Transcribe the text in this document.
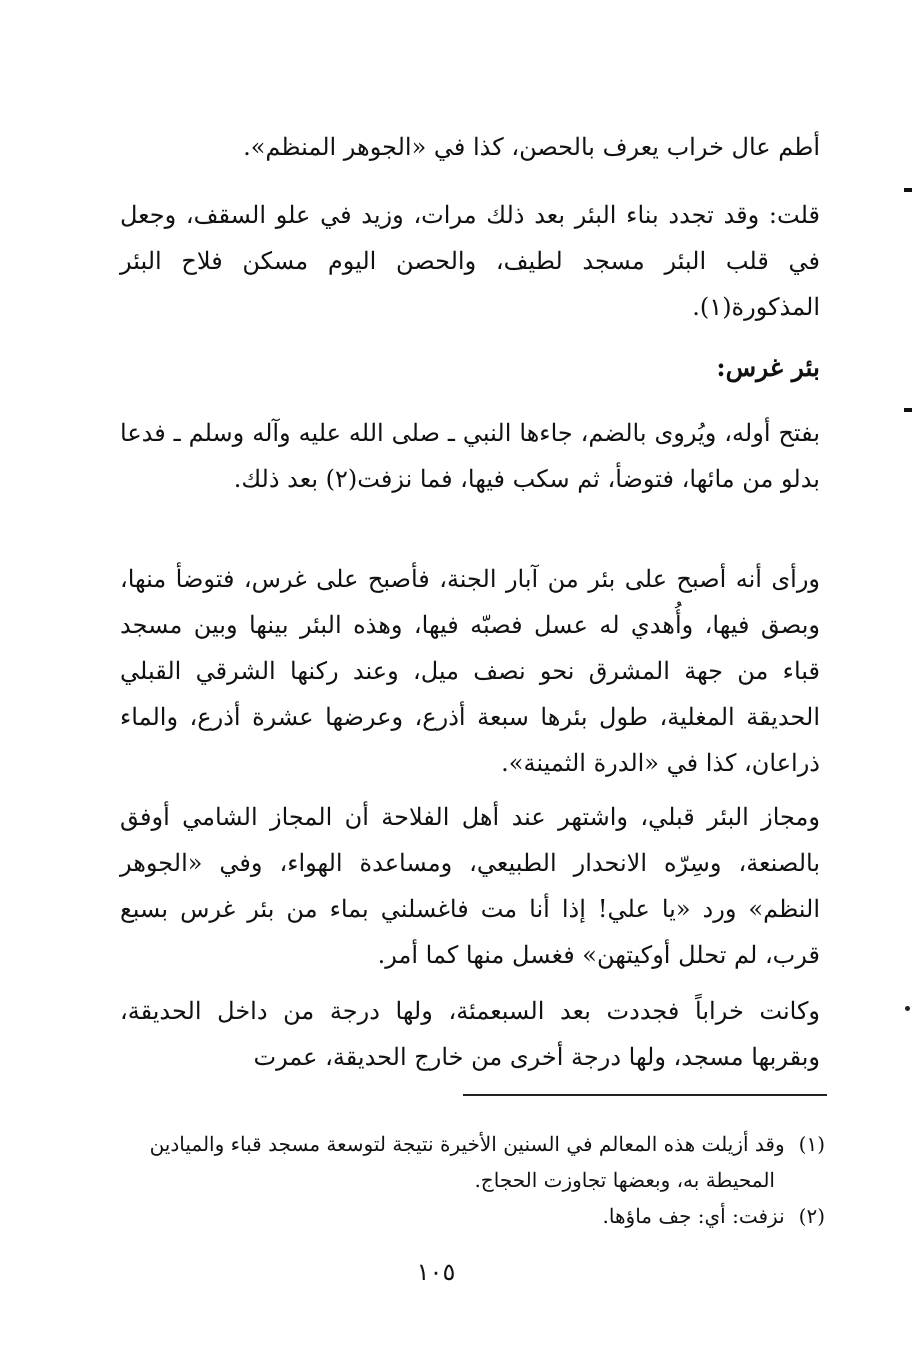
أطم عال خراب يعرف بالحصن، كذا في «الجوهر المنظم».
قلت: وقد تجدد بناء البئر بعد ذلك مرات، وزيد في علو السقف، وجعل في قلب البئر مسجد لطيف، والحصن اليوم مسكن فلاح البئر المذكورة(١).
بئر غرس:
بفتح أوله، ويُروى بالضم، جاءها النبي ـ صلى الله عليه وآله وسلم ـ فدعا بدلو من مائها، فتوضأ، ثم سكب فيها، فما نزفت(٢) بعد ذلك.
ورأى أنه أصبح على بئر من آبار الجنة، فأصبح على غرس، فتوضأ منها، وبصق فيها، وأُهدي له عسل فصبّه فيها، وهذه البئر بينها وبين مسجد قباء من جهة المشرق نحو نصف ميل، وعند ركنها الشرقي القبلي الحديقة المغلية، طول بئرها سبعة أذرع، وعرضها عشرة أذرع، والماء ذراعان، كذا في «الدرة الثمينة».
ومجاز البئر قبلي، واشتهر عند أهل الفلاحة أن المجاز الشامي أوفق بالصنعة، وسِرّه الانحدار الطبيعي، ومساعدة الهواء، وفي «الجوهر النظم» ورد «يا علي! إذا أنا مت فاغسلني بماء من بئر غرس بسبع قرب، لم تحلل أوكيتهن» فغسل منها كما أمر.
وكانت خراباً فجددت بعد السبعمئة، ولها درجة من داخل الحديقة، وبقربها مسجد، ولها درجة أخرى من خارج الحديقة، عمرت
(١) وقد أزيلت هذه المعالم في السنين الأخيرة نتيجة لتوسعة مسجد قباء والميادين
المحيطة به، وبعضها تجاوزت الحجاج.
(٢) نزفت: أي: جف ماؤها.
١٠٥
